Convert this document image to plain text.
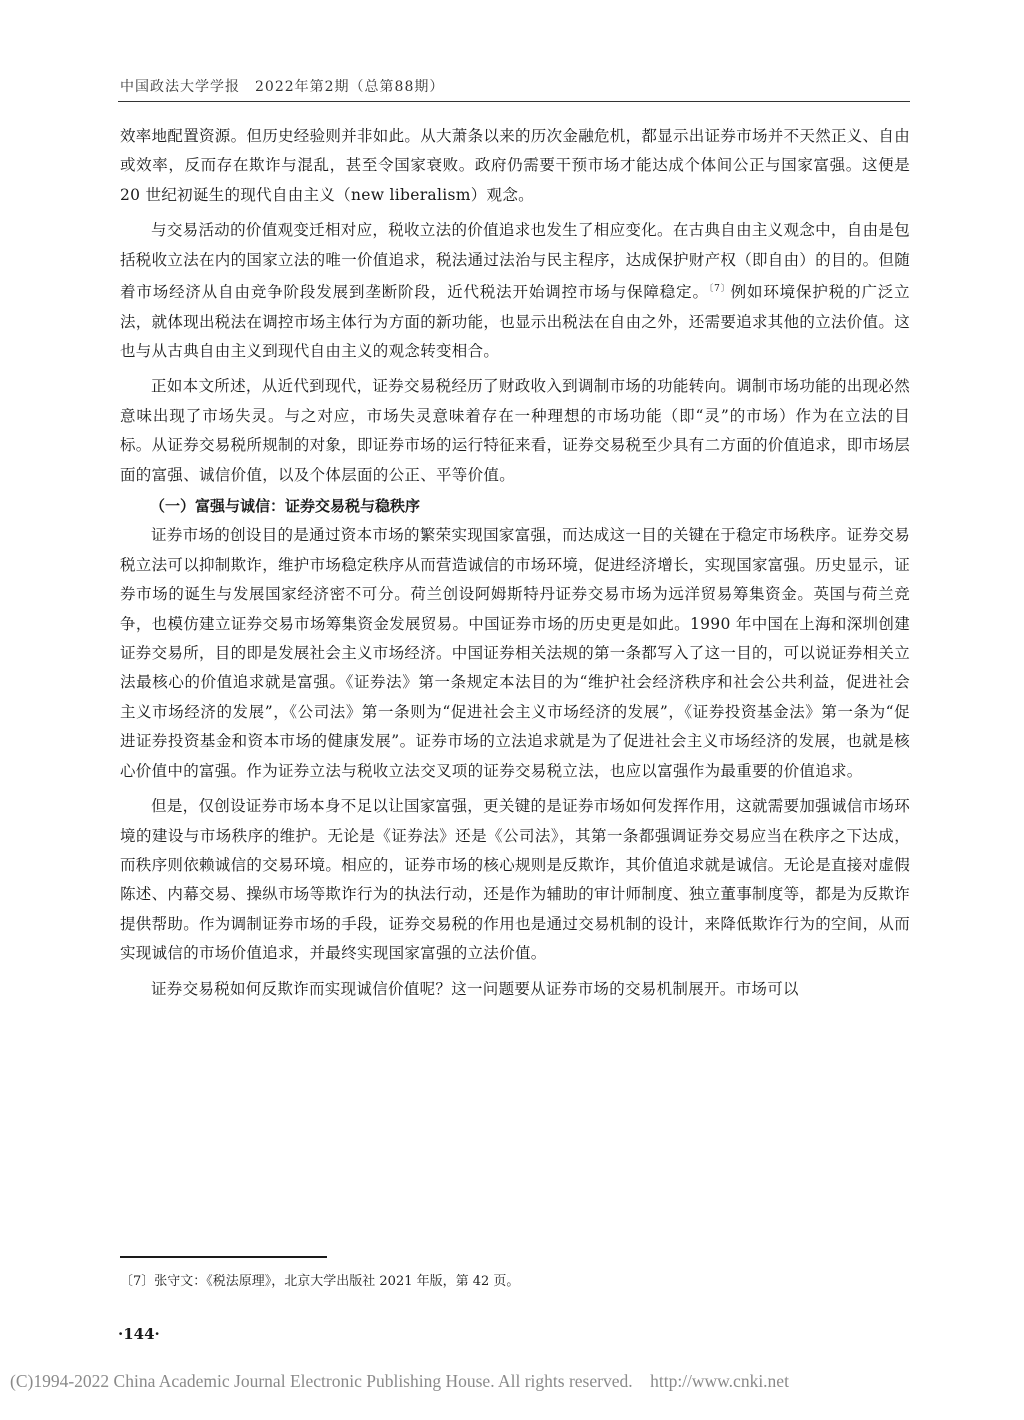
中国政法大学学报　2022年第2期（总第88期）

效率地配置资源。但历史经验则并非如此。从大萧条以来的历次金融危机，都显示出证券市场并不天然正义、自由或效率，反而存在欺诈与混乱，甚至令国家衰败。政府仍需要干预市场才能达成个体间公正与国家富强。这便是 20 世纪初诞生的现代自由主义（new liberalism）观念。

与交易活动的价值观变迁相对应，税收立法的价值追求也发生了相应变化。在古典自由主义观念中，自由是包括税收立法在内的国家立法的唯一价值追求，税法通过法治与民主程序，达成保护财产权（即自由）的目的。但随着市场经济从自由竞争阶段发展到垄断阶段，近代税法开始调控市场与保障稳定。$^{〔7〕}$例如环境保护税的广泛立法，就体现出税法在调控市场主体行为方面的新功能，也显示出税法在自由之外，还需要追求其他的立法价值。这也与从古典自由主义到现代自由主义的观念转变相合。

正如本文所述，从近代到现代，证券交易税经历了财政收入到调制市场的功能转向。调制市场功能的出现必然意味出现了市场失灵。与之对应，市场失灵意味着存在一种理想的市场功能（即“灵”的市场）作为在立法的目标。从证券交易税所规制的对象，即证券市场的运行特征来看，证券交易税至少具有二方面的价值追求，即市场层面的富强、诚信价值，以及个体层面的公正、平等价值。

（一）富强与诚信：证券交易税与稳秩序

证券市场的创设目的是通过资本市场的繁荣实现国家富强，而达成这一目的关键在于稳定市场秩序。证券交易税立法可以抑制欺诈，维护市场稳定秩序从而营造诚信的市场环境，促进经济增长，实现国家富强。历史显示，证券市场的诞生与发展国家经济密不可分。荷兰创设阿姆斯特丹证券交易市场为远洋贸易筹集资金。英国与荷兰竞争，也模仿建立证券交易市场筹集资金发展贸易。中国证券市场的历史更是如此。1990 年中国在上海和深圳创建证券交易所，目的即是发展社会主义市场经济。中国证券相关法规的第一条都写入了这一目的，可以说证券相关立法最核心的价值追求就是富强。《证券法》第一条规定本法目的为“维护社会经济秩序和社会公共利益，促进社会主义市场经济的发展”，《公司法》第一条则为“促进社会主义市场经济的发展”，《证券投资基金法》第一条为“促进证券投资基金和资本市场的健康发展”。证券市场的立法追求就是为了促进社会主义市场经济的发展，也就是核心价值中的富强。作为证券立法与税收立法交叉项的证券交易税立法，也应以富强作为最重要的价值追求。

但是，仅创设证券市场本身不足以让国家富强，更关键的是证券市场如何发挥作用，这就需要加强诚信市场环境的建设与市场秩序的维护。无论是《证券法》还是《公司法》，其第一条都强调证券交易应当在秩序之下达成，而秩序则依赖诚信的交易环境。相应的，证券市场的核心规则是反欺诈，其价值追求就是诚信。无论是直接对虚假陈述、内幕交易、操纵市场等欺诈行为的执法行动，还是作为辅助的审计师制度、独立董事制度等，都是为反欺诈提供帮助。作为调制证券市场的手段，证券交易税的作用也是通过交易机制的设计，来降低欺诈行为的空间，从而实现诚信的市场价值追求，并最终实现国家富强的立法价值。

证券交易税如何反欺诈而实现诚信价值呢？这一问题要从证券市场的交易机制展开。市场可以

〔7〕张守文：《税法原理》，北京大学出版社 2021 年版，第 42 页。
·144·
(C)1994-2022 China Academic Journal Electronic Publishing House. All rights reserved.　http://www.cnki.net
